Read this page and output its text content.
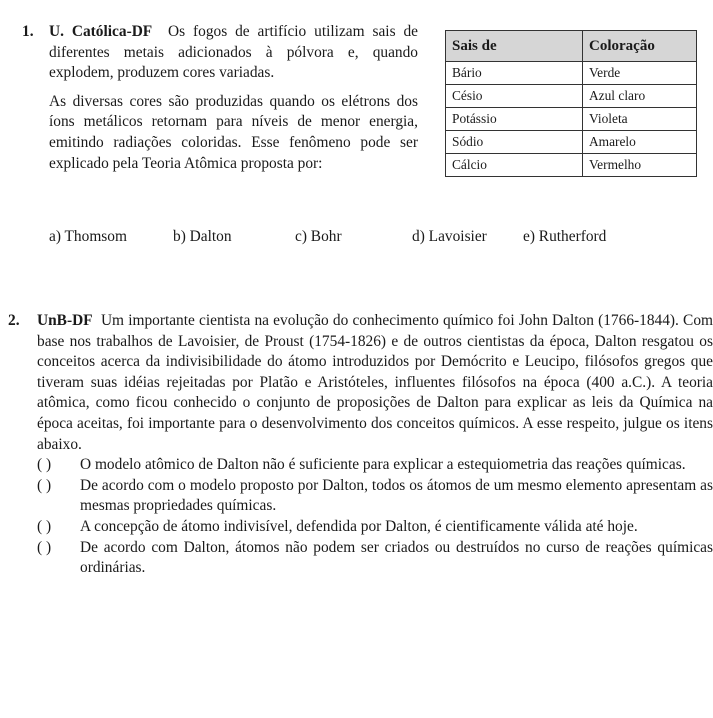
1. U. Católica-DF Os fogos de artifício utilizam sais de diferentes metais adicionados à pólvora e, quando explodem, produzem cores variadas.

As diversas cores são produzidas quando os elétrons dos íons metálicos retornam para níveis de menor energia, emitindo radiações coloridas. Esse fenômeno pode ser explicado pela Teoria Atômica proposta por:

Sais de	Coloração
Bário	Verde
Césio	Azul claro
Potássio	Violeta
Sódio	Amarelo
Cálcio	Vermelho
a) Thomsom	b) Dalton	c) Bohr	d) Lavoisier e) Rutherford
2. UnB-DF Um importante cientista na evolução do conhecimento químico foi John Dalton (1766-1844). Com base nos trabalhos de Lavoisier, de Proust (1754-1826) e de outros cientistas da época, Dalton resgatou os conceitos acerca da indivisibilidade do átomo introduzidos por Demócrito e Leucipo, filósofos gregos que tiveram suas idéias rejeitadas por Platão e Aristóteles, influentes filósofos na época (400 a.C.). A teoria atômica, como ficou conhecido o conjunto de proposições de Dalton para explicar as leis da Química na época aceitas, foi importante para o desenvolvimento dos conceitos químicos. A esse respeito, julgue os itens abaixo.
( ) O modelo atômico de Dalton não é suficiente para explicar a estequiometria das reações químicas.
( ) De acordo com o modelo proposto por Dalton, todos os átomos de um mesmo elemento apresentam as mesmas propriedades químicas.
( ) A concepção de átomo indivisível, defendida por Dalton, é cientificamente válida até hoje.
( ) De acordo com Dalton, átomos não podem ser criados ou destruídos no curso de reações químicas ordinárias.
